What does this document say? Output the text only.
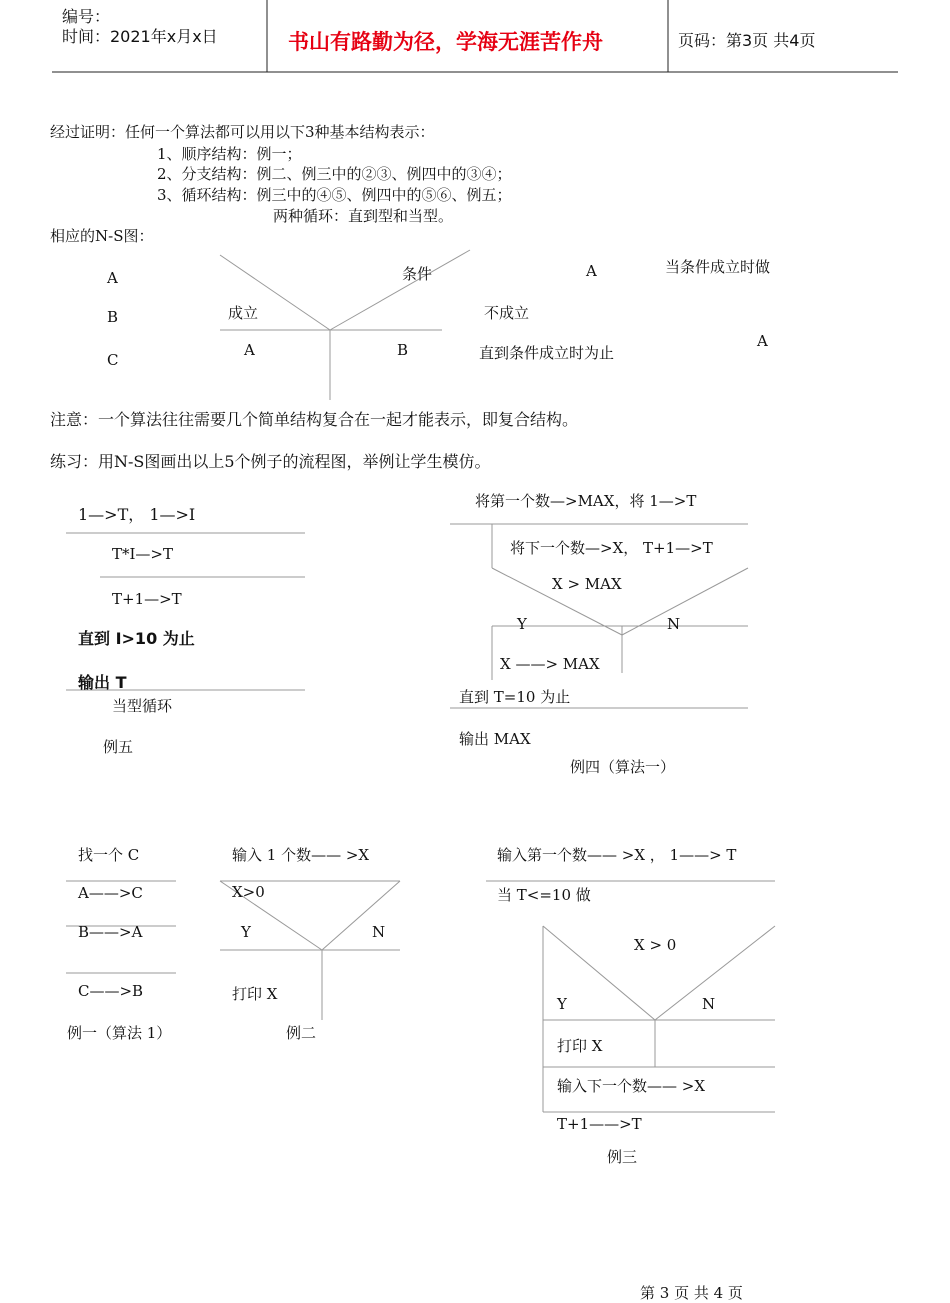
编号：
时间：2021年x月x日	书山有路勤为径，学海无涯苦作舟	页码：第3页 共4页
经过证明：任何一个算法都可以用以下3种基本结构表示：
1、顺序结构：例一；
2、分支结构：例二、例三中的②③、例四中的③④；
3、循环结构：例三中的④⑤、例四中的⑤⑥、例五；
两种循环：直到型和当型。
相应的N-S图：
A
B
C
条件
成立	不成立
A	B
A	当条件成立时做
A
直到条件成立时为止
注意：一个算法往往需要几个简单结构复合在一起才能表示，即复合结构。
练习：用N-S图画出以上5个例子的流程图，举例让学生模仿。
1—>T， 1—>I
T*I—>T
T+1—>T
直到 I>10 为止
输出 T
当型循环
例五
将第一个数—>MAX，将 1—>T
将下一个数—>X， T+1—>T
X > MAX
Y	N
X ——> MAX
直到 T=10 为止
输出 MAX
例四（算法一）
找一个 C
A——>C
B——>A
C——>B
例一（算法 1）
输入 1 个数—— >X
X>0
Y	N
打印 X
例二
输入第一个数—— >X ， 1——> T
当 T<=10 做
X > 0
Y	N
打印 X
输入下一个数—— >X
T+1——>T
例三
第 3 页 共 4 页
